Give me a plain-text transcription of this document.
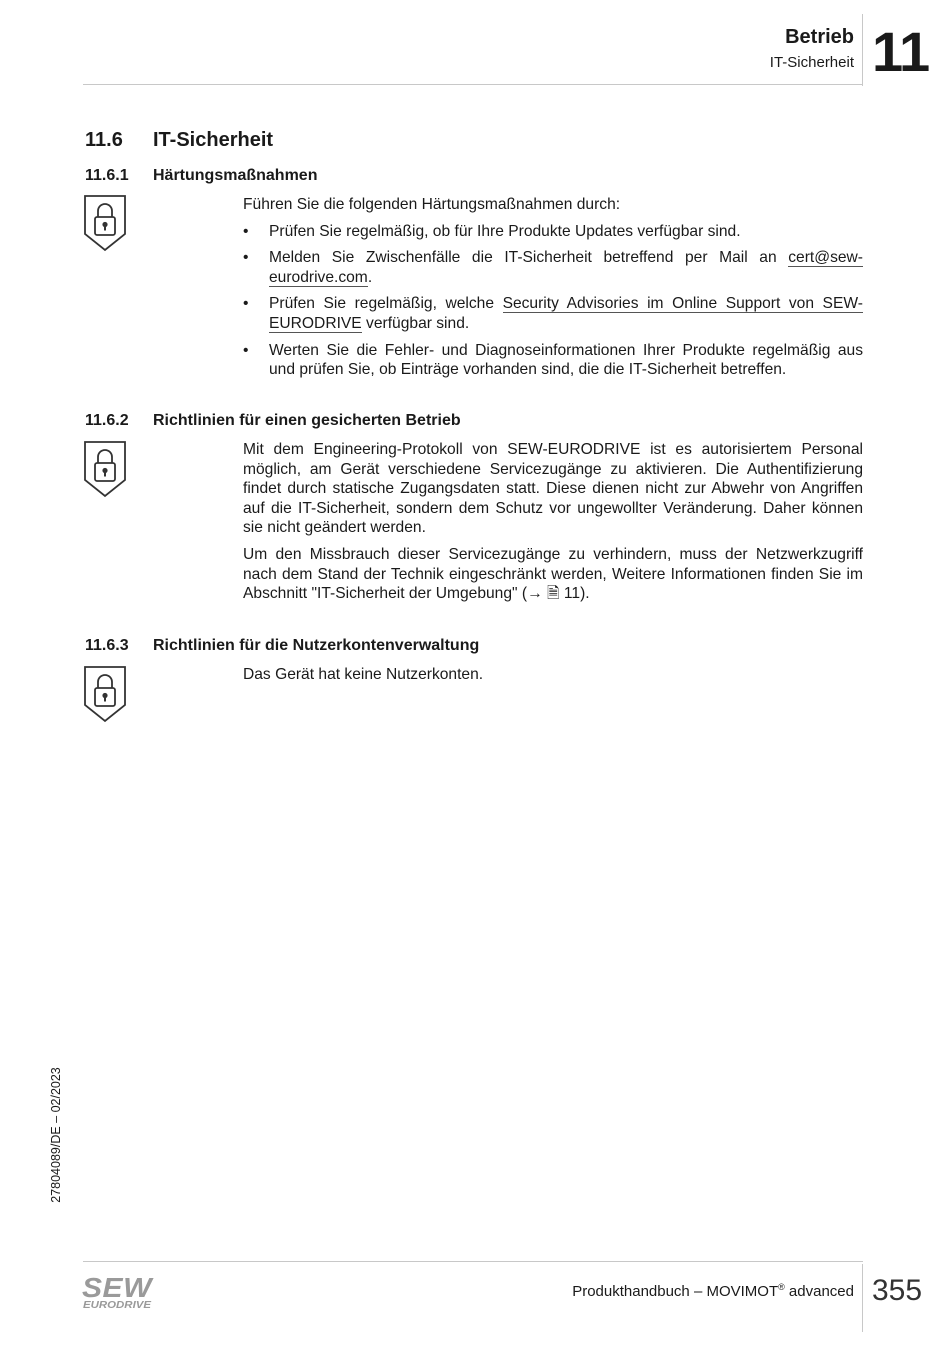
Betrieb
IT-Sicherheit 11
11.6 IT-Sicherheit
11.6.1 Härtungsmaßnahmen

Führen Sie die folgenden Härtungsmaßnahmen durch:

• Prüfen Sie regelmäßig, ob für Ihre Produkte Updates verfügbar sind.
• Melden Sie Zwischenfälle die IT-Sicherheit betreffend per Mail an cert@sew-eurodrive.com.
• Prüfen Sie regelmäßig, welche Security Advisories im Online Support von SEW-EURODRIVE verfügbar sind.
• Werten Sie die Fehler- und Diagnoseinformationen Ihrer Produkte regelmäßig aus und prüfen Sie, ob Einträge vorhanden sind, die die IT-Sicherheit betreffen.
11.6.2 Richtlinien für einen gesicherten Betrieb

Mit dem Engineering-Protokoll von SEW-EURODRIVE ist es autorisiertem Personal möglich, am Gerät verschiedene Servicezugänge zu aktivieren. Die Authentifizierung findet durch statische Zugangsdaten statt. Diese dienen nicht zur Abwehr von Angriffen auf die IT-Sicherheit, sondern dem Schutz vor ungewollter Veränderung. Daher können sie nicht geändert werden.

Um den Missbrauch dieser Servicezugänge zu verhindern, muss der Netzwerkzugriff nach dem Stand der Technik eingeschränkt werden, Weitere Informationen finden Sie im Abschnitt "IT-Sicherheit der Umgebung" (→ 🗎 11).

11.6.3 Richtlinien für die Nutzerkontenverwaltung

Das Gerät hat keine Nutzerkonten.

27804089/DE – 02/2023
SEW
EURODRIVE
Produkthandbuch – MOVIMOT® advanced 355
